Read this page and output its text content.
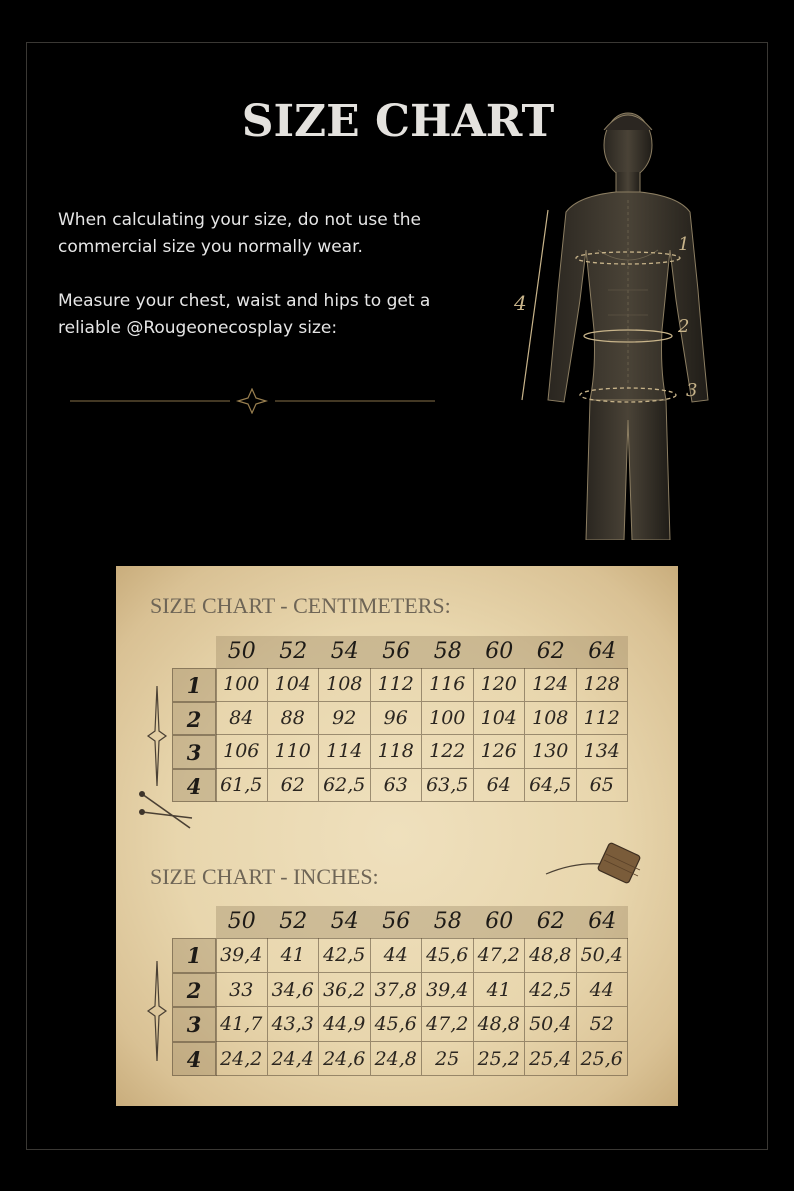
SIZE CHART

When calculating your size, do not use the commercial size you normally wear.

Measure your chest, waist and hips to get a reliable @Rougeonecosplay size:

1
2
3
4
SIZE CHART - CENTIMETERS:
50	52	54	56	58	60	62	64
1	100 104 108 112 116 120 124 128
2	84	88	92	96	100 104 108 112
3	106 110 114 118 122 126 130 134
4 61,5 62 62,5 63 63,5 64 64,5 65
SIZE CHART - INCHES:
50	52	54	56	58	60	62	64
1 39,4 41 42,5 44 45,6 47,2 48,8 50,4
2	33 34,6 36,2 37,8 39,4 41 42,5 44
3 41,7 43,3 44,9 45,6 47,2 48,8 50,4 52
4 24,2 24,4 24,6 24,8 25 25,2 25,4 25,6
